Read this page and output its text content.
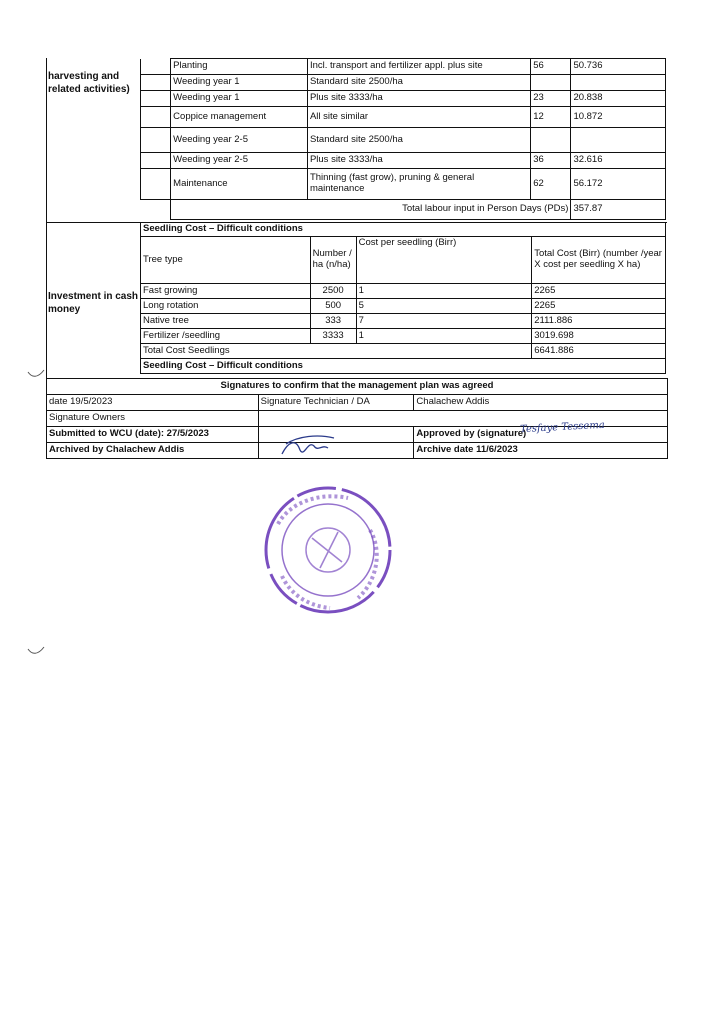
harvesting and related activities)
	Planting	Incl. transport and fertilizer appl. plus site	56	50.736
	Weeding year 1	Standard site 2500/ha		
	Weeding year 1	Plus site 3333/ha	23	20.838
	Coppice management	All site similar	12	10.872
	Weeding year 2-5	Standard site 2500/ha		
	Weeding year 2-5	Plus site 3333/ha	36	32.616
	Maintenance	Thinning (fast grow), pruning & general maintenance	62	56.172
	Total labour input in Person Days (PDs)			357.87
Investment in cash money
Seedling Cost – Difficult conditions			
Tree type	Number / ha (n/ha)	Cost per seedling (Birr)	Total Cost (Birr) (number /year X cost per seedling X ha)
Fast growing	2500	1	2265
Long rotation	500	5	2265
Native tree	333	7	2111.886
Fertilizer /seedling	3333	1	3019.698
Total Cost Seedlings			6641.886
Seedling Cost – Difficult conditions			
Signatures to confirm that the management plan was agreed		
date 19/5/2023	Signature Technician / DA	Chalachew Addis
Signature Owners		
Submitted to WCU (date): 27/5/2023		Approved by (signature)
Archived by Chalachew Addis		Archive date 11/6/2023
Tesfaye Tessema
